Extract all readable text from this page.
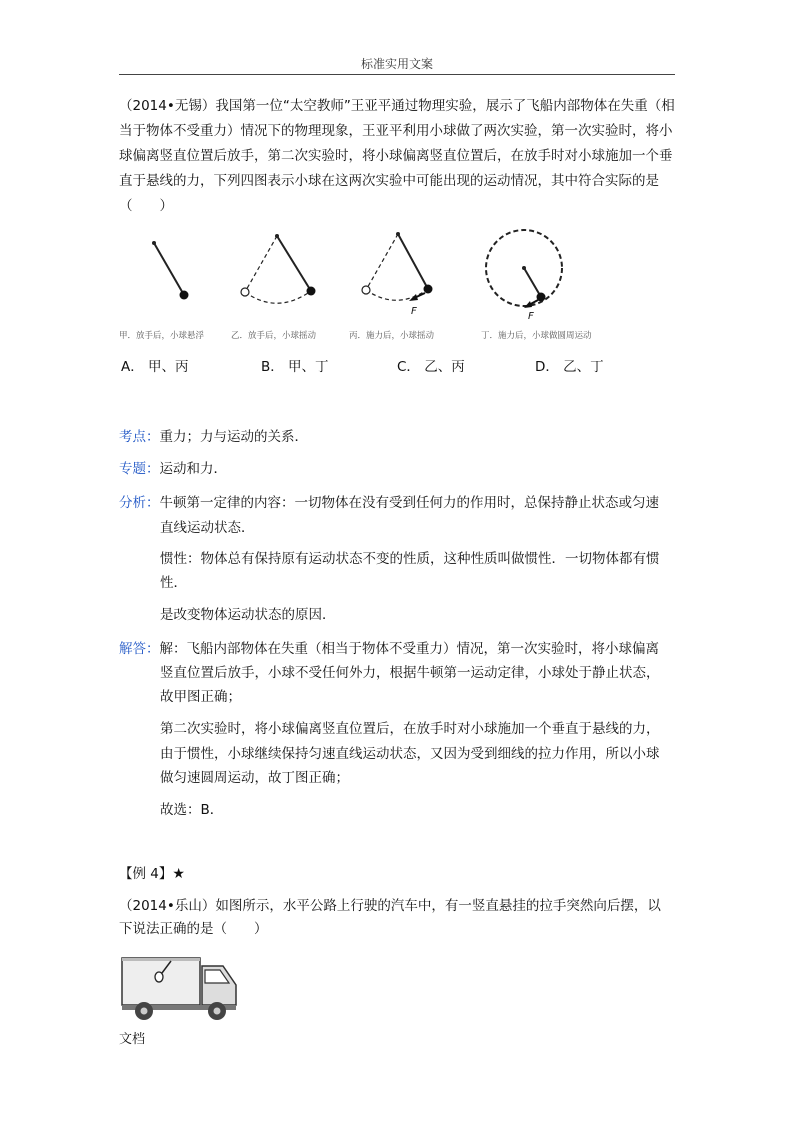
标准实用文案
（2014•无锡）我国第一位“太空教师”王亚平通过物理实验，展示了飞船内部物体在失重（相当于物体不受重力）情况下的物理现象，王亚平利用小球做了两次实验，第一次实验时，将小球偏离竖直位置后放手，第二次实验时，将小球偏离竖直位置后，在放手时对小球施加一个垂直于悬线的力，下列四图表示小球在这两次实验中可能出现的运动情况，其中符合实际的是（　　）
F	F
甲．放手后，小球悬浮	乙．放手后，小球摇动	丙．施力后，小球摇动	丁．施力后，小球做圆周运动
A． 甲、丙	B． 甲、丁	C． 乙、丙	D． 乙、丁
考点：重力；力与运动的关系．
专题：运动和力．
分析：牛顿第一定律的内容：一切物体在没有受到任何力的作用时，总保持静止状态或匀速
直线运动状态．
惯性：物体总有保持原有运动状态不变的性质，这种性质叫做惯性．一切物体都有惯
性．
是改变物体运动状态的原因．
解答：解：飞船内部物体在失重（相当于物体不受重力）情况，第一次实验时，将小球偏离
竖直位置后放手，小球不受任何外力，根据牛顿第一运动定律，小球处于静止状态，
故甲图正确；
第二次实验时，将小球偏离竖直位置后，在放手时对小球施加一个垂直于悬线的力，
由于惯性，小球继续保持匀速直线运动状态，又因为受到细线的拉力作用，所以小球
做匀速圆周运动，故丁图正确；
故选：B．
【例 4】★
（2014•乐山）如图所示，水平公路上行驶的汽车中，有一竖直悬挂的拉手突然向后摆，以
下说法正确的是（　　）
文档
